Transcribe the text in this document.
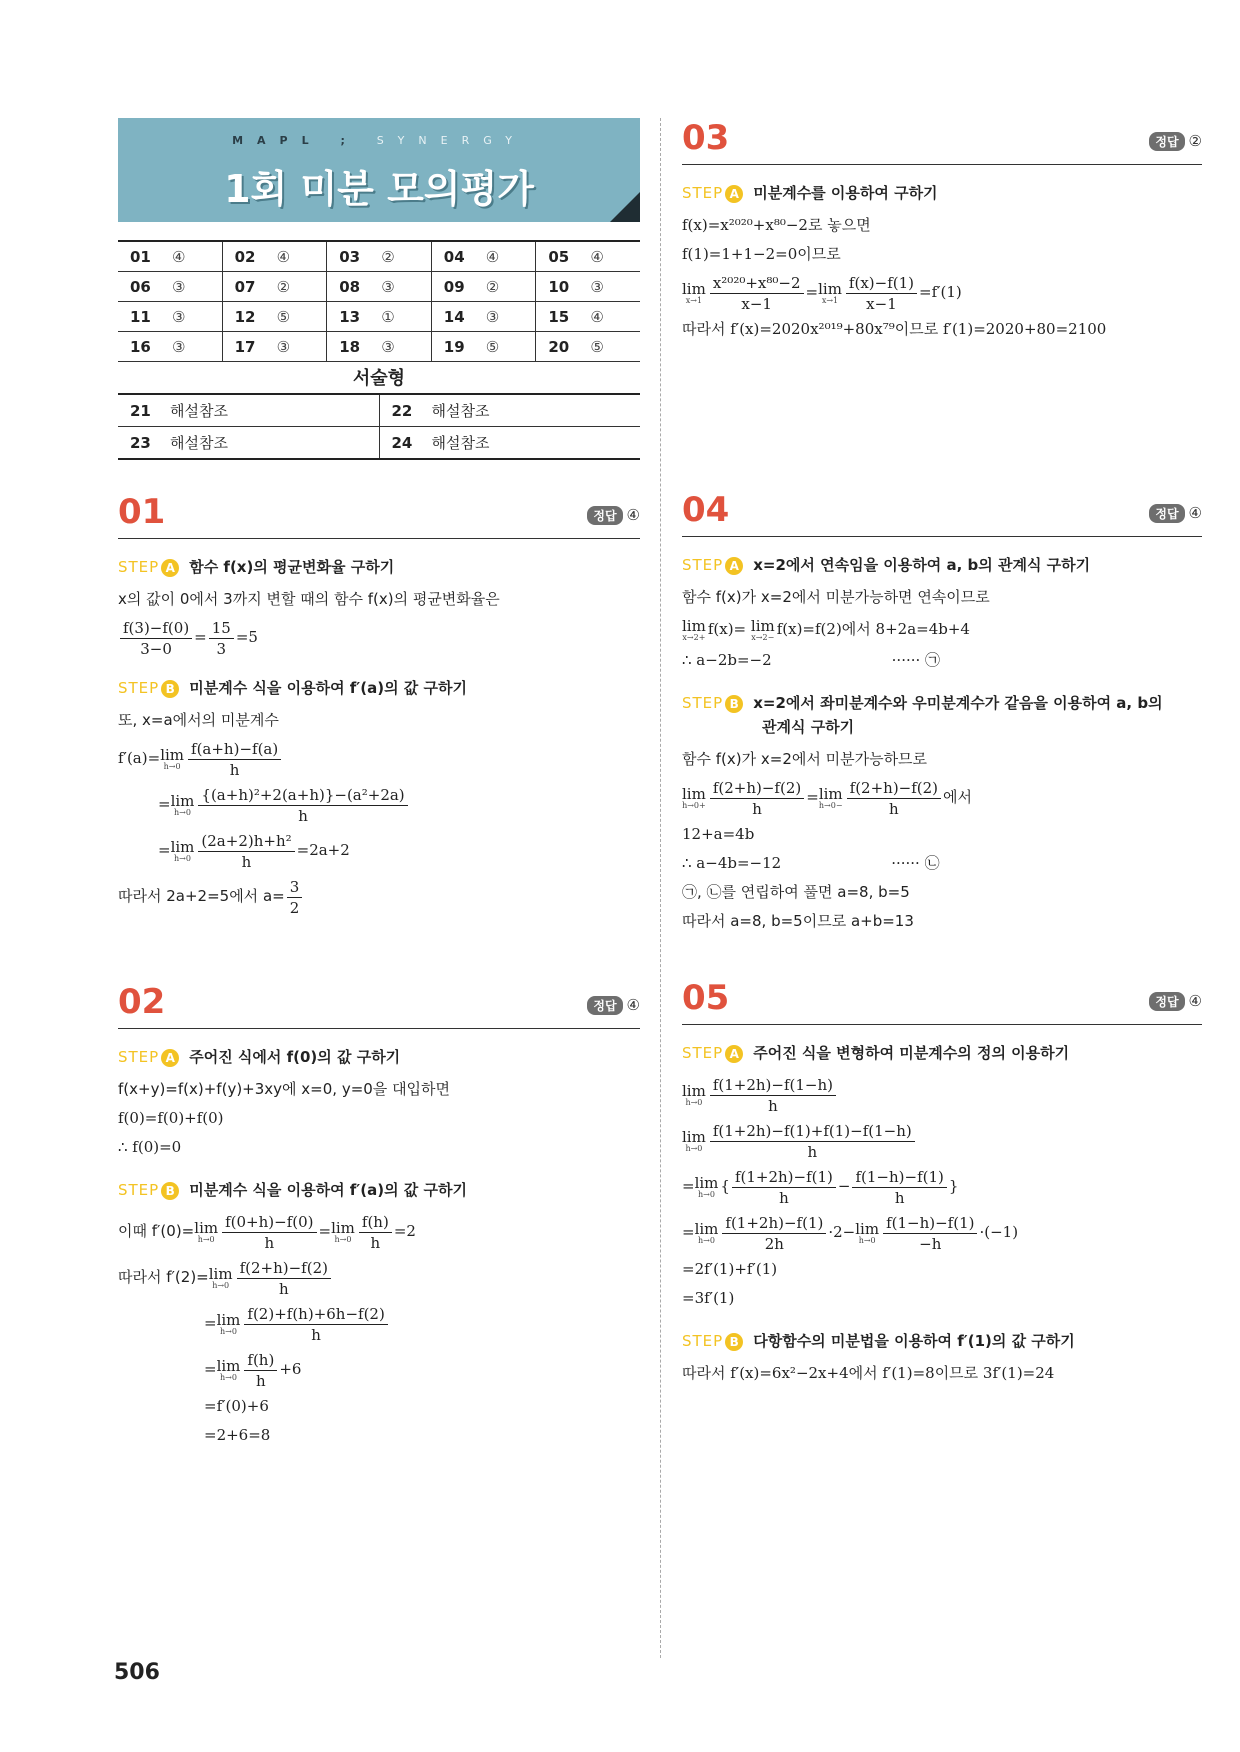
MAPL ; SYNERGY
1회 미분 모의평가
01 ④	02 ④	03 ②	04 ④	05 ④
06 ③	07 ②	08 ③	09 ②	10 ③
11 ③	12 ⑤	13 ①	14 ③	15 ④
16 ③	17 ③	18 ③	19 ⑤	20 ⑤
서술형
21 해설참조	22 해설참조
23 해설참조	24 해설참조
01	정답 ④
STEP A 함수 f(x)의 평균변화율 구하기
x의 값이 0에서 3까지 변할 때의 함수 f(x)의 평균변화율은
$\frac{f(3)-f(0)}{3-0} = \frac{15}{3} =5$
STEP B 미분계수 식을 이용하여 f′(a)의 값 구하기
또, x=a에서의 미분계수
f′(a)= lim
$h\to 0 \frac{f(a+h)-f(a)}{h}$
= lim
$h\to 0 \frac{\text{\{(a+h)²+2(a+h)\}−(a²+2a)}}{h}$
= lim
$h\to 0 \frac{\text{(2a+2)h+h²}}{h} =2a+2$
따라서 2a+2=5에서 $a= \frac{3}{2}$
02	정답 ④
STEP A 주어진 식에서 f(0)의 값 구하기
f(x+y)=f(x)+f(y)+3xy에 x=0, y=0을 대입하면
f(0)=f(0)+f(0)
∴ f(0)=0
STEP B 미분계수 식을 이용하여 f′(a)의 값 구하기
이때 f′(0)= lim
$h\to 0 \frac{f(0+h)-f(0)}{h} = \lim$
$h\to 0 \frac{f(h)}{h} =2$
따라서 f′(2)= lim
$h\to 0 \frac{f(2+h)-f(2)}{h}$
= lim
$h\to 0 \frac{f(2)+f(h)+6h-f(2)}{h}$
= lim
$h\to 0 \frac{f(h)}{h} +6$
=f′(0)+6
=2+6=8
03	정답 ②
STEP A 미분계수를 이용하여 구하기
f(x)=x²⁰²⁰+x⁸⁰−2로 놓으면
f(1)=1+1−2=0이므로
lim
$x\to 1 \frac{\text{x²⁰²⁰+x⁸⁰−2}}{x-1} = \lim$
$x\to 1 \frac{f(x)-f(1)}{x-1} =f'(1)$
따라서 f′(x)=2020x²⁰¹⁹+80x⁷⁹이므로 f′(1)=2020+80=2100
04	정답 ④
STEP A x=2에서 연속임을 이용하여 a, b의 관계식 구하기
함수 f(x)가 x=2에서 미분가능하면 연속이므로
lim
x→2+ f(x)= lim
x→2− f(x)=f(2)에서 8+2a=4b+4
∴ a−2b=−2	······ ㉠
STEP B x=2에서 좌미분계수와 우미분계수가 같음을 이용하여 a, b의
관계식 구하기
함수 f(x)가 x=2에서 미분가능하므로
lim
$h\to 0+ \frac{f(2+h)-f(2)}{h} = \lim$
$h\to 0- \frac{f(2+h)-f(2)}{h}$ 에서
12+a=4b
∴ a−4b=−12	······ ㉡
㉠, ㉡를 연립하여 풀면 a=8, b=5
따라서 a=8, b=5이므로 a+b=13
05	정답 ④
STEP A 주어진 식을 변형하여 미분계수의 정의 이용하기
lim
$h\to 0 \frac{f(1+2h)-f(1-h)}{h}$
lim
$h\to 0 \frac{f(1+2h)-f(1)+f(1)-f(1-h)}{h}$
= lim
h→0 { $\frac{f(1+2h)-f(1)}{h} - \frac{f(1-h)-f(1)}{h}$ }
= lim
$h\to 0 \frac{f(1+2h)-f(1)}{2h} \cdot 2- \lim$
$h\to 0 \frac{f(1-h)-f(1)}{-h} \cdot(-1)$
=2f′(1)+f′(1)
=3f′(1)
STEP B 다항함수의 미분법을 이용하여 f′(1)의 값 구하기
따라서 f′(x)=6x²−2x+4에서 f′(1)=8이므로 3f′(1)=24
506
